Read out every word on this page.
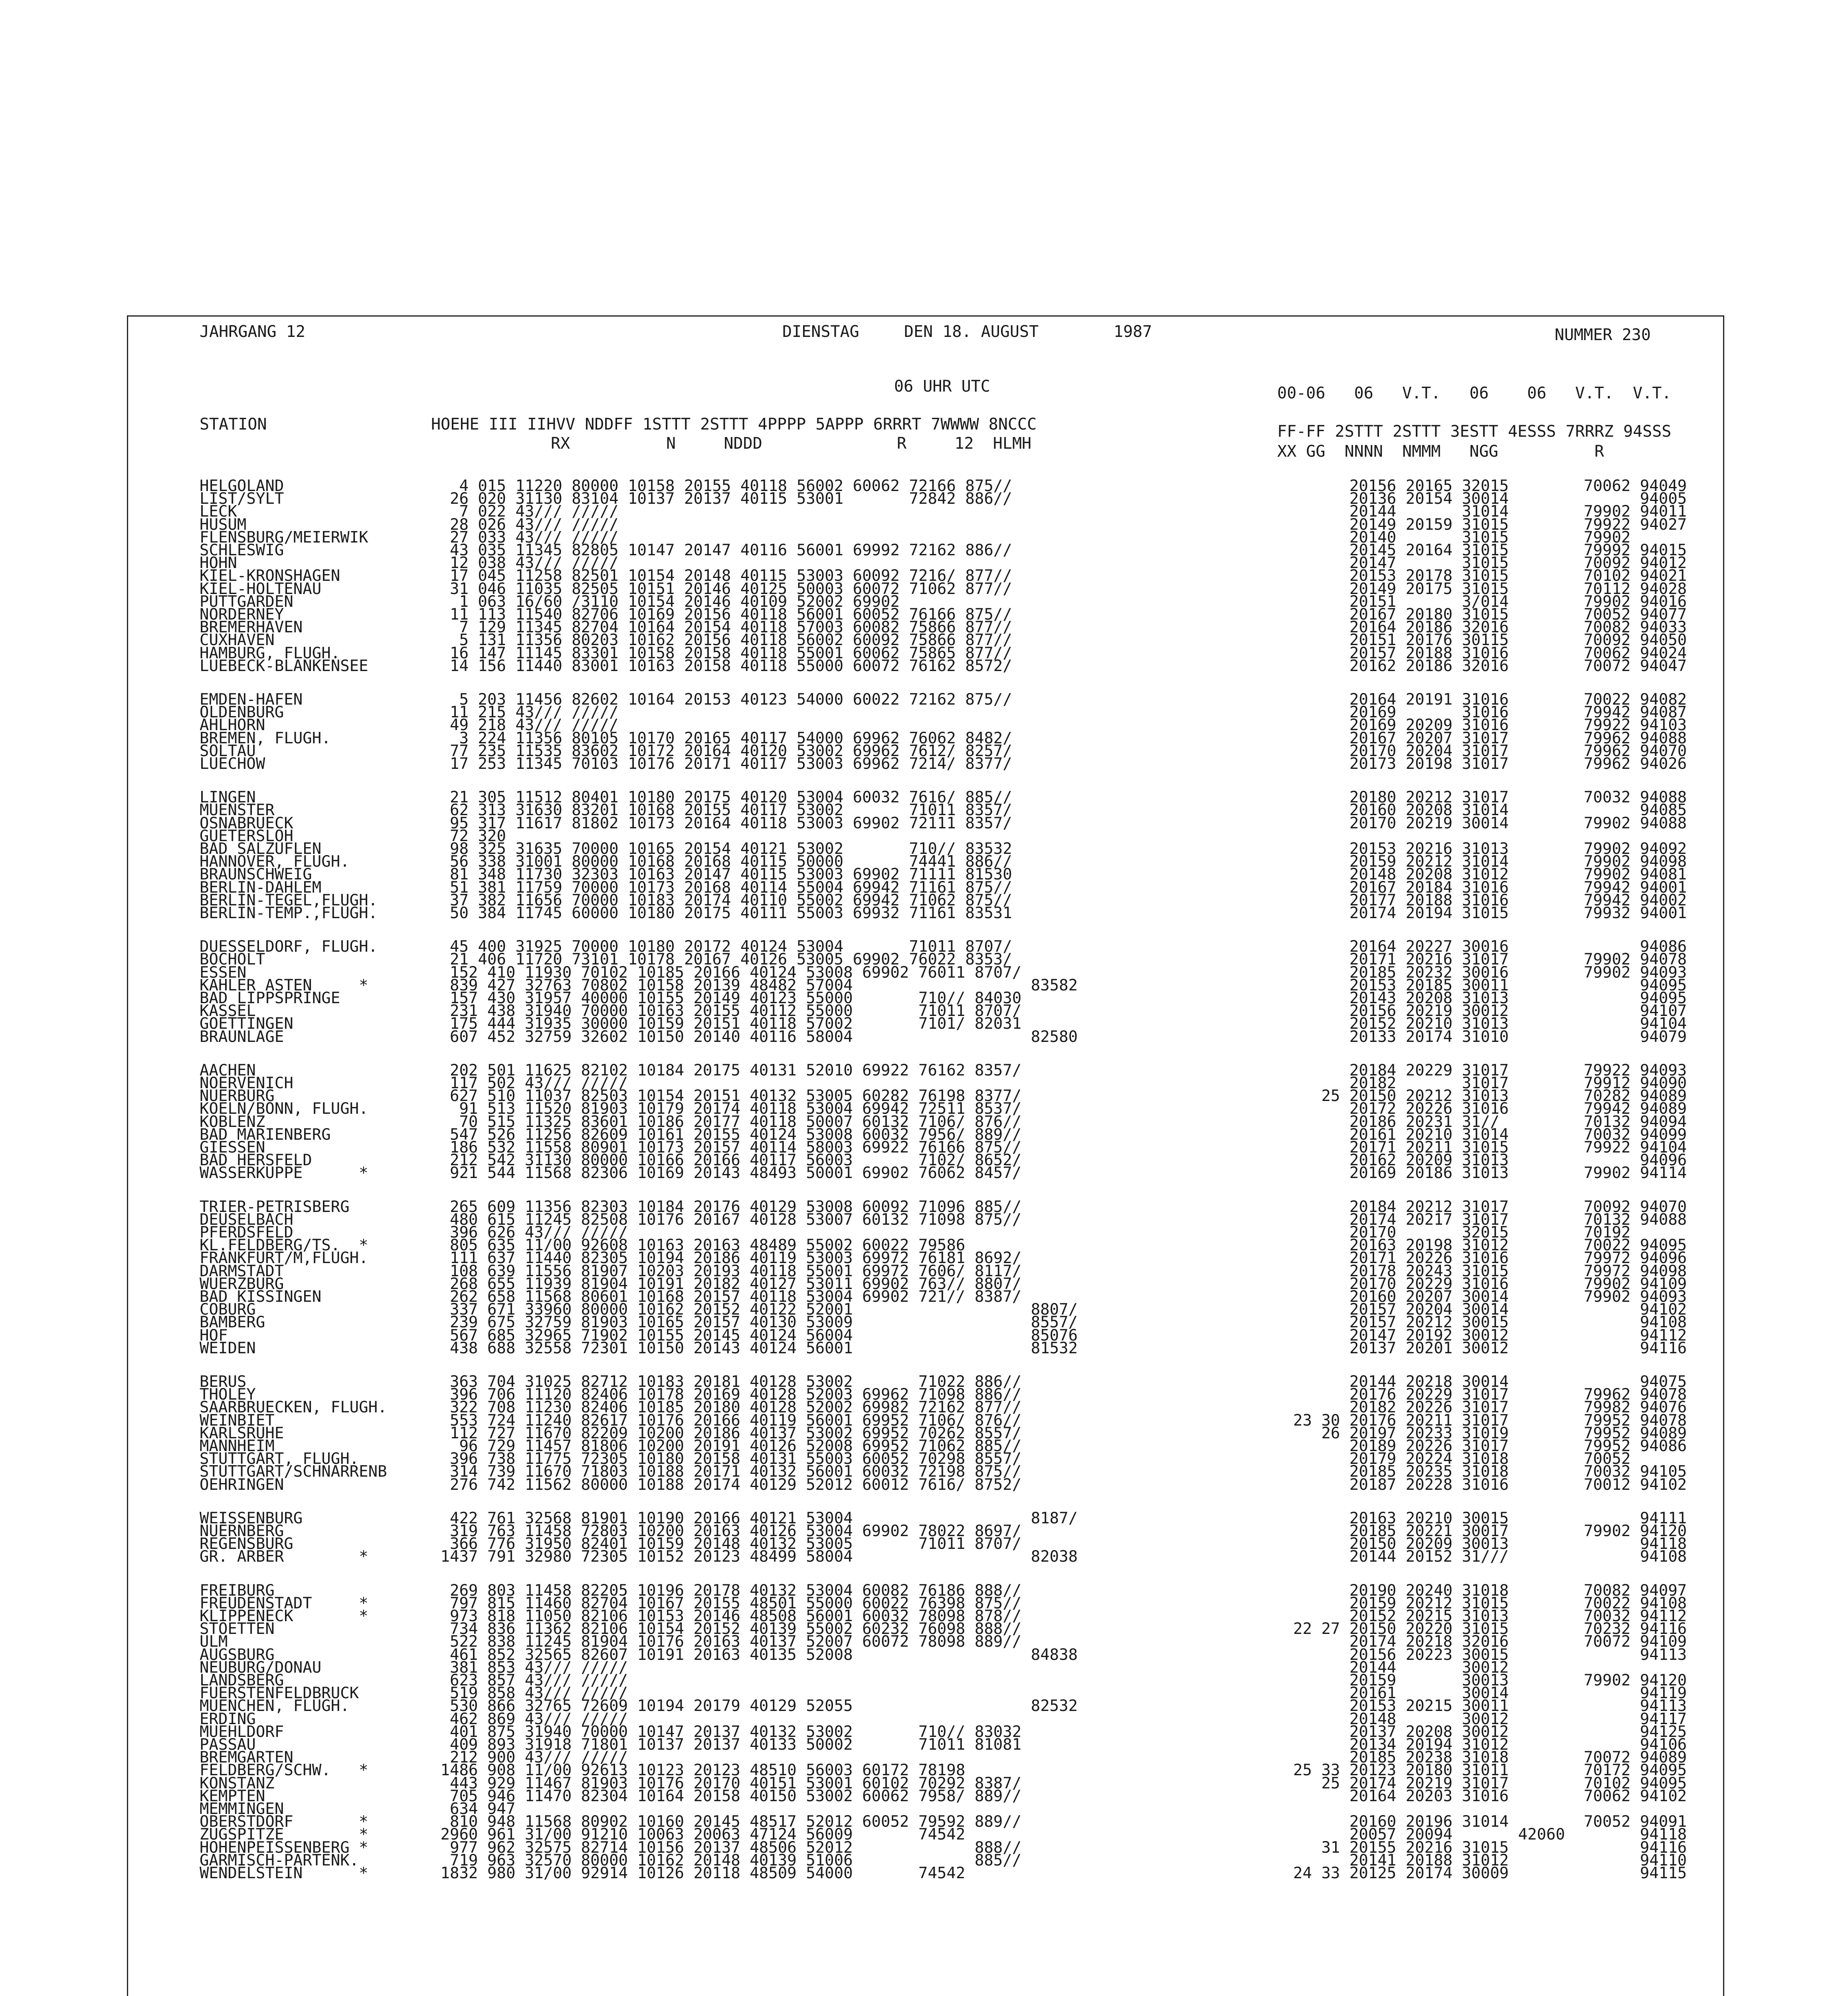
JAHRGANG 12	DIENSTAG	DEN 18. AUGUST	1987	NUMMER 230
06 UHR UTC	00-06   06   V.T.   06    06   V.T.  V.T.
STATION	HOEHE III IIHVV NDDFF 1STTT 2STTT 4PPPP 5APPP 6RRRT 7WWWW 8NCCC
RX          N     NDDD              R     12  HLMH
FF-FF 2STTT 2STTT 3ESTT 4ESSS 7RRRZ 94SSS
XX GG  NNNN  NMMM   NGG          R
HELGOLAND	4 015 11220 80000 10158 20155 40118 56002 60062 72166 875//	20156 20165 32015        70062 94049
LIST/SYLT	26 020 31130 83104 10137 20137 40115 53001       72842 886//	20136 20154 30014              94005
LECK	7 022 43/// /////	20144       31014        79902 94011
HUSUM	28 026 43/// /////	20149 20159 31015        79922 94027
FLENSBURG/MEIERWIK	27 033 43/// /////	20140       31015        79902
SCHLESWIG	43 035 11345 82805 10147 20147 40116 56001 69992 72162 886//	20145 20164 31015        79992 94015
HOHN	12 038 43/// /////	20147       31015        70092 94012
KIEL-KRONSHAGEN	17 045 11258 82501 10154 20148 40115 53003 60092 7216/ 877//	20153 20178 31015        70102 94021
KIEL-HOLTENAU	31 046 11035 82505 10151 20146 40125 50003 60072 71062 877//	20149 20175 31015        70112 94028
PUTTGARDEN	1 063 16/60 /3110 10154 20146 40109 52002 69902	20151       3/014        79902 94016
NORDERNEY	11 113 11540 82706 10169 20156 40118 56001 60052 76166 875//	20167 20180 31015        70052 94077
BREMERHAVEN	7 129 11345 82704 10164 20154 40118 57003 60082 75866 877//	20164 20186 32016        70082 94033
CUXHAVEN	5 131 11356 80203 10162 20156 40118 56002 60092 75866 877//	20151 20176 30115        70092 94050
HAMBURG, FLUGH.	16 147 11145 83301 10158 20158 40118 55001 60062 75865 877//	20157 20188 31016        70062 94024
LUEBECK-BLANKENSEE	14 156 11440 83001 10163 20158 40118 55000 60072 76162 8572/	20162 20186 32016        70072 94047
EMDEN-HAFEN	5 203 11456 82602 10164 20153 40123 54000 60022 72162 875//	20164 20191 31016        70022 94082
OLDENBURG	11 215 43/// /////	20169       31016        79942 94087
AHLHORN	49 218 43/// /////	20169 20209 31016        79922 94103
BREMEN, FLUGH.	3 224 11356 80105 10170 20165 40117 54000 69962 76062 8482/	20167 20207 31017        79962 94088
SOLTAU	77 235 11535 83602 10172 20164 40120 53002 69962 7612/ 8257/	20170 20204 31017        79962 94070
LUECHOW	17 253 11345 70103 10176 20171 40117 53003 69962 7214/ 8377/	20173 20198 31017        79962 94026
LINGEN	21 305 11512 80401 10180 20175 40120 53004 60032 7616/ 885//	20180 20212 31017        70032 94088
MUENSTER	62 313 31630 83201 10168 20155 40117 53002       71011 8357/	20160 20208 31014              94085
OSNABRUECK	95 317 11617 81802 10173 20164 40118 53003 69902 72111 8357/	20170 20219 30014        79902 94088
GUETERSLOH	72 320
BAD SALZUFLEN	98 325 31635 70000 10165 20154 40121 53002       710// 83532	20153 20216 31013        79902 94092
HANNOVER, FLUGH.	56 338 31001 80000 10168 20168 40115 50000       74441 886//	20159 20212 31014        79902 94098
BRAUNSCHWEIG	81 348 11730 32303 10163 20147 40115 53003 69902 71111 81530	20148 20208 31012        79902 94081
BERLIN-DAHLEM	51 381 11759 70000 10173 20168 40114 55004 69942 71161 875//	20167 20184 31016        79942 94001
BERLIN-TEGEL,FLUGH.	37 382 11656 70000 10183 20174 40110 55002 69942 71062 875//	20177 20188 31016        79942 94002
BERLIN-TEMP.,FLUGH.	50 384 11745 60000 10180 20175 40111 55003 69932 71161 83531	20174 20194 31015        79932 94001
DUESSELDORF, FLUGH.	45 400 31925 70000 10180 20172 40124 53004       71011 8707/	20164 20227 30016              94086
BOCHOLT	21 406 11720 73101 10178 20167 40126 53005 69902 76022 8353/	20171 20216 31017        79902 94078
ESSEN	152 410 11930 70102 10185 20166 40124 53008 69902 76011 8707/	20185 20232 30016        79902 94093
KAHLER ASTEN     *	839 427 32763 70802 10158 20139 48482 57004                   83582	20153 20185 30011              94095
BAD LIPPSPRINGE	157 430 31957 40000 10155 20149 40123 55000       710// 84030	20143 20208 31013              94095
KASSEL	231 438 31940 70000 10163 20155 40112 55000       71011 8707/	20156 20219 30012              94107
GOETTINGEN	175 444 31935 30000 10159 20151 40118 57002       7101/ 82031	20152 20210 31013              94104
BRAUNLAGE	607 452 32759 32602 10150 20140 40116 58004                   82580	20133 20174 31010              94079
AACHEN	202 501 11625 82102 10184 20175 40131 52010 69922 76162 8357/	20184 20229 31017        79922 94093
NOERVENICH	117 502 43/// /////	20182       31017        79912 94090
NUERBURG	627 510 11037 82503 10154 20151 40132 53005 60282 76198 8377/	25 20150 20212 31013        70282 94089
KOELN/BONN, FLUGH.	91 513 11520 81903 10179 20174 40118 53004 69942 72511 8537/	20172 20226 31016        79942 94089
KOBLENZ	70 515 11325 83601 10186 20177 40118 50007 60132 7106/ 876//	20186 20231 31//         70132 94094
BAD MARIENBERG	547 526 11256 82609 10161 20155 40124 53008 60032 7956/ 889//	20161 20210 31014        70032 94099
GIESSEN	186 532 11558 80901 10173 20157 40114 58003 69922 76166 875//	20171 20211 31015        79922 94104
BAD HERSFELD	212 542 31130 80000 10166 20166 40117 56003       7102/ 8652/	20162 20209 31013              94096
WASSERKUPPE      *	921 544 11568 82306 10169 20143 48493 50001 69902 76062 8457/	20169 20186 31013        79902 94114
TRIER-PETRISBERG	265 609 11356 82303 10184 20176 40129 53008 60092 71096 885//	20184 20212 31017        70092 94070
DEUSELBACH	480 615 11245 82508 10176 20167 40128 53007 60132 71098 875//	20174 20217 31017        70132 94088
PFERDSFELD	396 626 43/// /////	20170       32015        70192
KL.FELDBERG/TS.  *	805 635 11/00 92608 10163 20163 48489 55002 60022 79586	20163 20198 31012        70022 94095
FRANKFURT/M,FLUGH.	111 637 11440 82305 10194 20186 40119 53003 69972 76181 8692/	20171 20226 31016        79972 94096
DARMSTADT	108 639 11556 81907 10203 20193 40118 55001 69972 7606/ 8117/	20178 20243 31015        79972 94098
WUERZBURG	268 655 11939 81904 10191 20182 40127 53011 69902 763// 8807/	20170 20229 31016        79902 94109
BAD KISSINGEN	262 658 11568 80601 10168 20157 40118 53004 69902 721// 8387/	20160 20207 30014        79902 94093
COBURG	337 671 33960 80000 10162 20152 40122 52001                   8807/	20157 20204 30014              94102
BAMBERG	239 675 32759 81903 10165 20157 40130 53009                   8557/	20157 20212 30015              94108
HOF	567 685 32965 71902 10155 20145 40124 56004                   85076	20147 20192 30012              94112
WEIDEN	438 688 32558 72301 10150 20143 40124 56001                   81532	20137 20201 30012              94116
BERUS	363 704 31025 82712 10183 20181 40128 53002       71022 886//	20144 20218 30014              94075
THOLEY	396 706 11120 82406 10178 20169 40128 52003 69962 71098 886//	20176 20229 31017        79962 94078
SAARBRUECKEN, FLUGH.	322 708 11230 82406 10185 20180 40128 52002 69982 72162 877//	20182 20226 31017        79982 94076
WEINBIET	553 724 11240 82617 10176 20166 40119 56001 69952 7106/ 876//	23 30 20176 20211 31017        79952 94078
KARLSRUHE	112 727 11670 82209 10200 20186 40137 53002 69952 70262 8557/	26 20197 20233 31019        79952 94089
MANNHEIM	96 729 11457 81806 10200 20191 40126 52008 69952 71062 885//	20189 20226 31017        79952 94086
STUTTGART, FLUGH.	396 738 11775 72305 10180 20158 40131 55003 60052 70298 8557/	20179 20224 31018        70052
STUTTGART/SCHNARRENB	314 739 11670 71803 10188 20171 40132 56001 60032 72198 875//	20185 20235 31018        70032 94105
OEHRINGEN	276 742 11562 80000 10188 20174 40129 52012 60012 7616/ 8752/	20187 20228 31016        70012 94102
WEISSENBURG	422 761 32568 81901 10190 20166 40121 53004                   8187/	20163 20210 30015              94111
NUERNBERG	319 763 11458 72803 10200 20163 40126 53004 69902 78022 8697/	20185 20221 30017        79902 94120
REGENSBURG	366 776 31950 82401 10159 20148 40132 53005       71011 8707/	20150 20209 30013              94118
GR. ARBER        *	1437 791 32980 72305 10152 20123 48499 58004                   82038	20144 20152 31///              94108
FREIBURG	269 803 11458 82205 10196 20178 40132 53004 60082 76186 888//	20190 20240 31018        70082 94097
FREUDENSTADT     *	797 815 11460 82704 10167 20155 48501 55000 60022 76398 875//	20159 20212 31015        70022 94108
KLIPPENECK       *	973 818 11050 82106 10153 20146 48508 56001 60032 78098 878//	20152 20215 31013        70032 94112
STOETTEN	734 836 11362 82106 10154 20152 40139 55002 60232 76098 888//	22 27 20150 20220 31015        70232 94116
ULM	522 838 11245 81904 10176 20163 40137 52007 60072 78098 889//	20174 20218 32016        70072 94109
AUGSBURG	461 852 32565 82607 10191 20163 40135 52008                   84838	20156 20223 30015              94113
NEUBURG/DONAU	381 853 43/// /////	20144       30012
LANDSBERG	623 857 43/// /////	20159       30013        79902 94120
FUERSTENFELDBRUCK	519 858 43/// /////	20161       30014              94119
MUENCHEN, FLUGH.	530 866 32765 72609 10194 20179 40129 52055                   82532	20153 20215 30011              94113
ERDING	462 869 43/// /////	20148       30012              94117
MUEHLDORF	401 875 31940 70000 10147 20137 40132 53002       710// 83032	20137 20208 30012              94125
PASSAU	409 893 31918 71801 10137 20137 40133 50002       71011 81081	20134 20194 31012              94106
BREMGARTEN	212 900 43/// /////	20185 20238 31018        70072 94089
FELDBERG/SCHW.   *	1486 908 11/00 92613 10123 20123 48510 56003 60172 78198	25 33 20123 20180 31011        70172 94095
KONSTANZ	443 929 11467 81903 10176 20170 40151 53001 60102 70292 8387/	25 20174 20219 31017        70102 94095
KEMPTEN	705 946 11470 82304 10164 20158 40150 53002 60062 7958/ 889//	20164 20203 31016        70062 94102
MEMMINGEN	634 947
OBERSTDORF       *	810 948 11568 80902 10160 20145 48517 52012 60052 79592 889//	20160 20196 31014        70052 94091
ZUGSPITZE        *	2960 961 31/00 91210 10063 20063 47124 56009       74542	20057 20094       42060        94118
HOHENPEISSENBERG *	977 962 32575 82714 10156 20137 48506 52012             888//	31 20155 20216 31015              94116
GARMISCH-PARTENK.	719 963 32570 80000 10162 20148 40139 51006             885//	20141 20188 31012              94110
WENDELSTEIN      *	1832 980 31/00 92914 10126 20118 48509 54000       74542	24 33 20125 20174 30009              94115
